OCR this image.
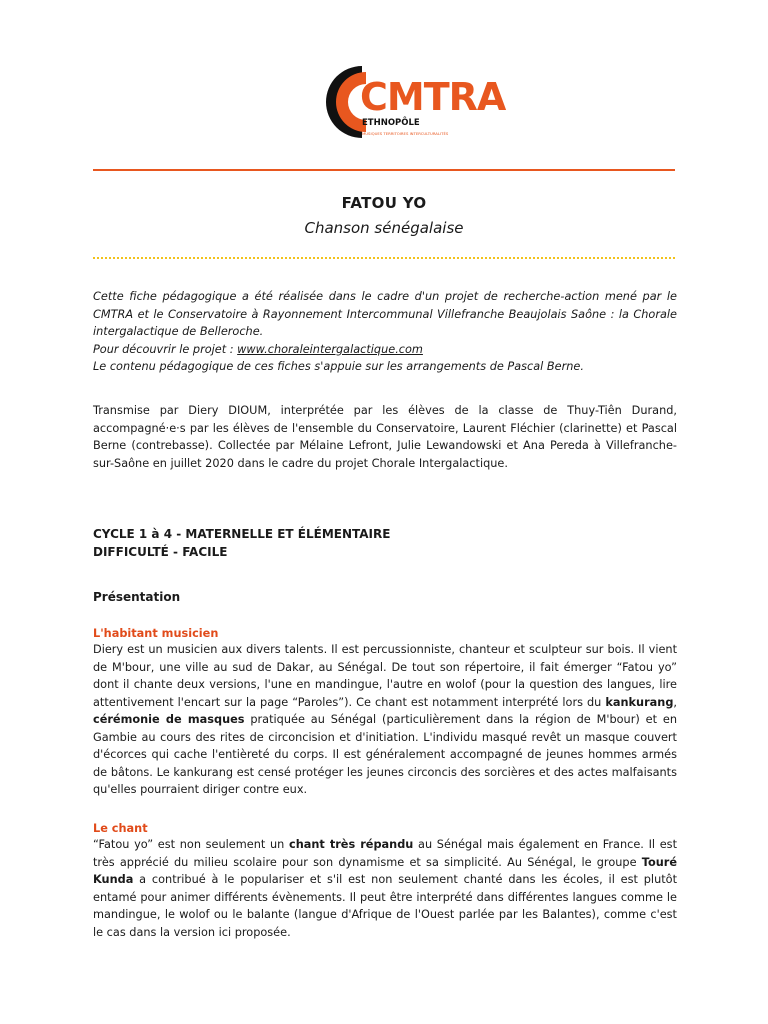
CMTRA
ETHNOPÔLE
MUSIQUES TERRITOIRES INTERCULTURALITÉS
FATOU YO
Chanson sénégalaise
Cette fiche pédagogique a été réalisée dans le cadre d'un projet de recherche-action mené par le CMTRA et le Conservatoire à Rayonnement Intercommunal Villefranche Beaujolais Saône : la Chorale intergalactique de Belleroche.
Pour découvrir le projet : www.choraleintergalactique.com
Le contenu pédagogique de ces fiches s'appuie sur les arrangements de Pascal Berne.
Transmise par Diery DIOUM, interprétée par les élèves de la classe de Thuy-Tiên Durand, accompagné·e·s par les élèves de l'ensemble du Conservatoire, Laurent Fléchier (clarinette) et Pascal Berne (contrebasse). Collectée par Mélaine Lefront, Julie Lewandowski et Ana Pereda à Villefranche-sur-Saône en juillet 2020 dans le cadre du projet Chorale Intergalactique.
CYCLE 1 à 4 - MATERNELLE ET ÉLÉMENTAIRE
DIFFICULTÉ - FACILE
Présentation
L'habitant musicien
Diery est un musicien aux divers talents. Il est percussionniste, chanteur et sculpteur sur bois. Il vient de M'bour, une ville au sud de Dakar, au Sénégal. De tout son répertoire, il fait émerger “Fatou yo” dont il chante deux versions, l'une en mandingue, l'autre en wolof (pour la question des langues, lire attentivement l'encart sur la page “Paroles”). Ce chant est notamment interprété lors du kankurang, cérémonie de masques pratiquée au Sénégal (particulièrement dans la région de M'bour) et en Gambie au cours des rites de circoncision et d'initiation. L'individu masqué revêt un masque couvert d'écorces qui cache l'entièreté du corps. Il est généralement accompagné de jeunes hommes armés de bâtons. Le kankurang est censé protéger les jeunes circoncis des sorcières et des actes malfaisants qu'elles pourraient diriger contre eux.
Le chant
“Fatou yo” est non seulement un chant très répandu au Sénégal mais également en France. Il est très apprécié du milieu scolaire pour son dynamisme et sa simplicité. Au Sénégal, le groupe Touré Kunda a contribué à le populariser et s'il est non seulement chanté dans les écoles, il est plutôt entamé pour animer différents évènements. Il peut être interprété dans différentes langues comme le mandingue, le wolof ou le balante (langue d'Afrique de l'Ouest parlée par les Balantes), comme c'est le cas dans la version ici proposée.
